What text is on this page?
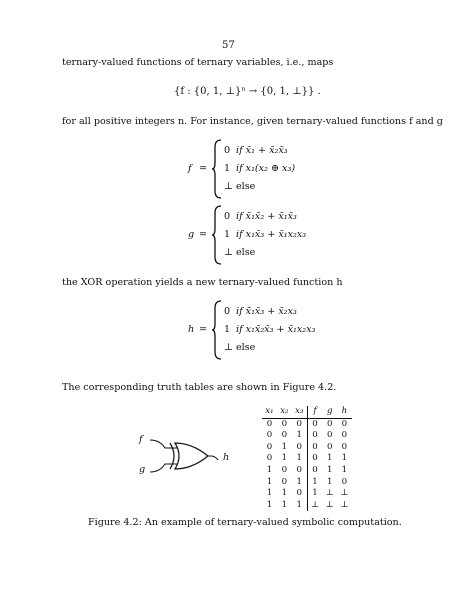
57
ternary-valued functions of ternary variables, i.e., maps
{f : {0, 1, ⊥}ⁿ → {0, 1, ⊥}} .
for all positive integers n. For instance, given ternary-valued functions f and g
f =
0 if x̄₁ + x̄₂x̄₃
1 if x₁(x₂ ⊕ x₃)
⊥ else
g =
0 if x̄₁x̄₂ + x̄₁x̄₃
1 if x₁x̄₃ + x̄₁x₂x₃
⊥ else
the XOR operation yields a new ternary-valued function h
h =
0 if x̄₁x̄₃ + x̄₂x₃
1 if x₁x̄₂x̄₃ + x̄₁x₂x₃
⊥ else
The corresponding truth tables are shown in Figure 4.2.
f
g
h
x₁	x₂	x₃	f	g	h
0	0	0	0	0	0
0	0	1	0	0	0
0	1	0	0	0	0
0	1	1	0	1	1
1	0	0	0	1	1
1	0	1	1	1	0
1	1	0	1	⊥	⊥
1	1	1	⊥	⊥	⊥
Figure 4.2: An example of ternary-valued symbolic computation.
